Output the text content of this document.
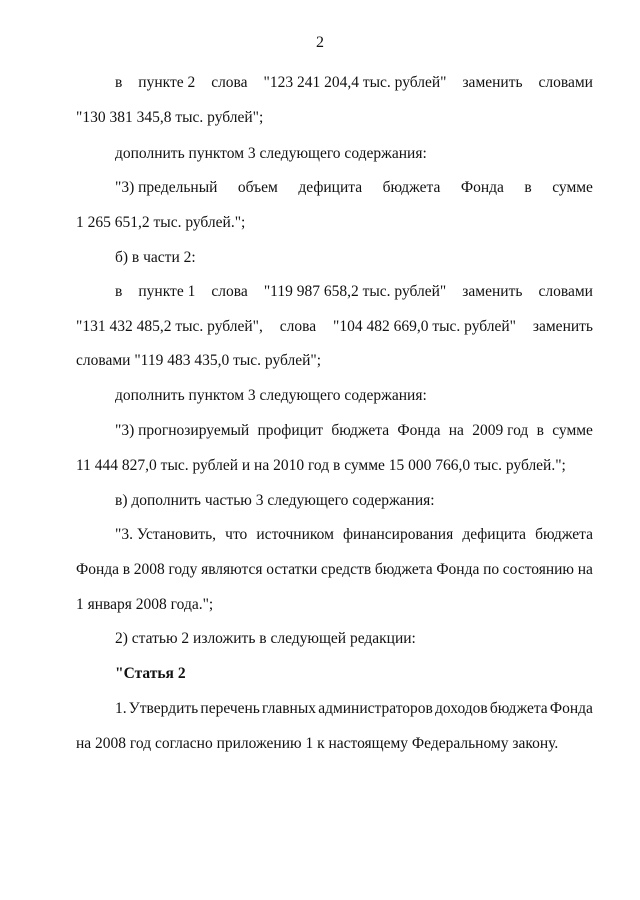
2
в пункте 2 слова "123 241 204,4 тыс. рублей" заменить словами
"130 381 345,8 тыс. рублей";
дополнить пунктом 3 следующего содержания:
"3) предельный объем дефицита бюджета Фонда в сумме
1 265 651,2 тыс. рублей.";
б) в части 2:
в пункте 1 слова "119 987 658,2 тыс. рублей" заменить словами
"131 432 485,2 тыс. рублей", слова "104 482 669,0 тыс. рублей" заменить
словами "119 483 435,0 тыс. рублей";
дополнить пунктом 3 следующего содержания:
"3) прогнозируемый профицит бюджета Фонда на 2009 год в сумме
11 444 827,0 тыс. рублей и на 2010 год в сумме 15 000 766,0 тыс. рублей.";
в) дополнить частью 3 следующего содержания:
"3. Установить, что источником финансирования дефицита бюджета
Фонда в 2008 году являются остатки средств бюджета Фонда по состоянию на
1 января 2008 года.";
2) статью 2 изложить в следующей редакции:
"Статья 2
1. Утвердить перечень главных администраторов доходов бюджета Фонда
на 2008 год согласно приложению 1 к настоящему Федеральному закону.
